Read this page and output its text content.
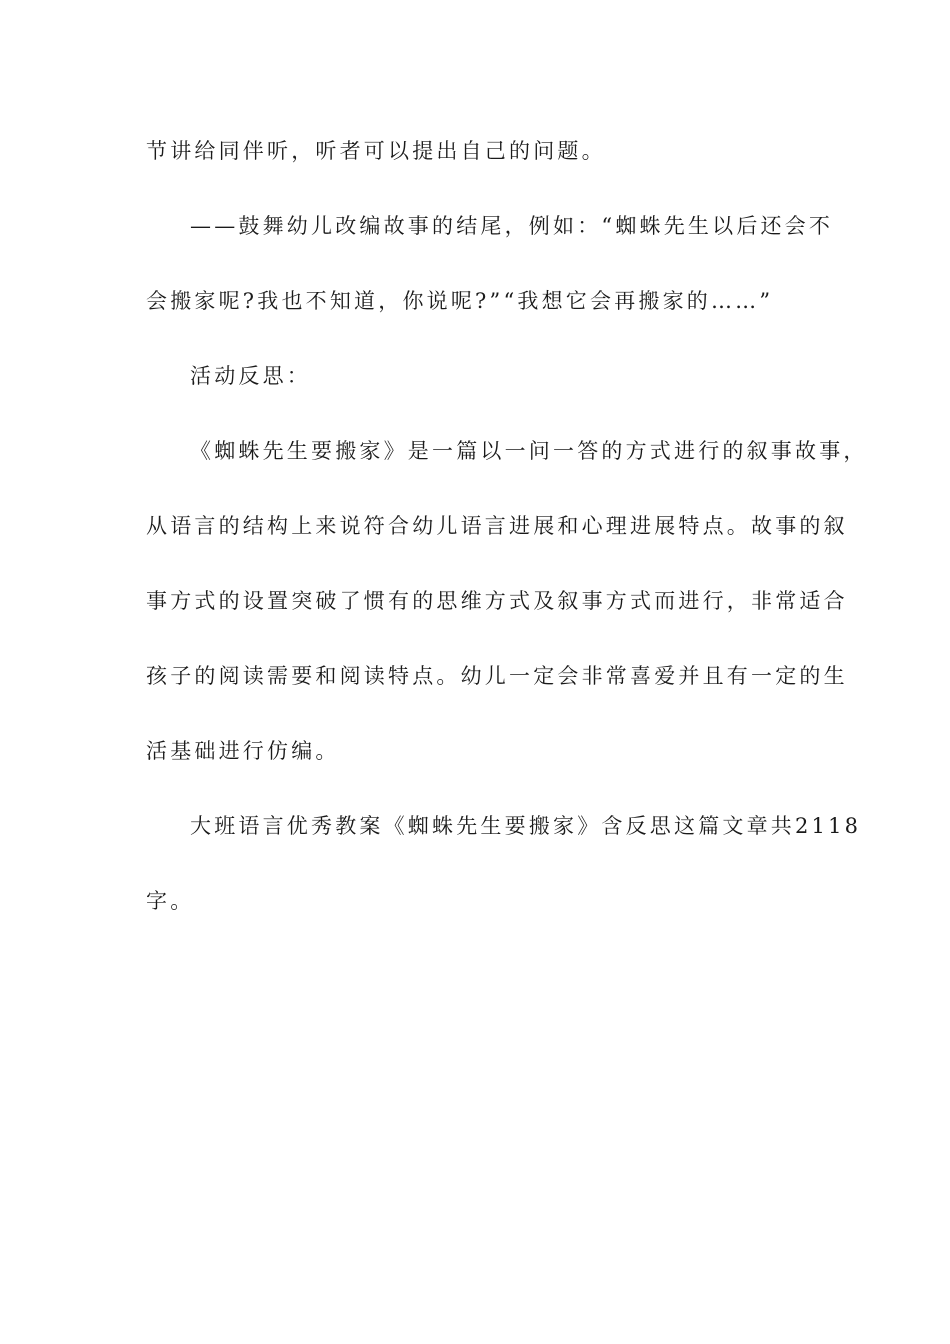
节讲给同伴听，听者可以提出自己的问题。
——鼓舞幼儿改编故事的结尾，例如：“蜘蛛先生以后还会不
会搬家呢?我也不知道，你说呢?”“我想它会再搬家的……”
活动反思：
《蜘蛛先生要搬家》是一篇以一问一答的方式进行的叙事故事，
从语言的结构上来说符合幼儿语言进展和心理进展特点。故事的叙
事方式的设置突破了惯有的思维方式及叙事方式而进行，非常适合
孩子的阅读需要和阅读特点。幼儿一定会非常喜爱并且有一定的生
活基础进行仿编。
大班语言优秀教案《蜘蛛先生要搬家》含反思这篇文章共2118
字。
